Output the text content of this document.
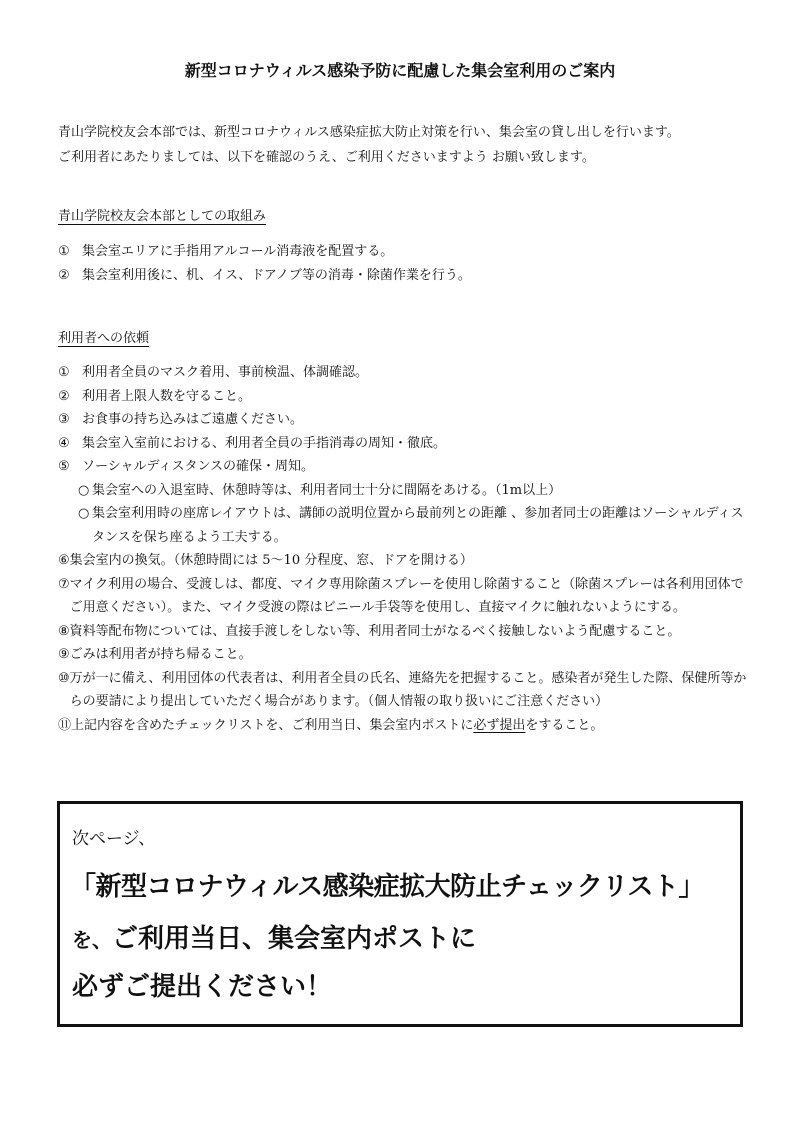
新型コロナウィルス感染予防に配慮した集会室利用のご案内

青山学院校友会本部では、新型コロナウィルス感染症拡大防止対策を行い、集会室の貸し出しを行います。

ご利用者にあたりましては、以下を確認のうえ、ご利用くださいますよう お願い致します。

青山学院校友会本部としての取組み
① 集会室エリアに手指用アルコール消毒液を配置する。
② 集会室利用後に、机、イス、ドアノブ等の消毒・除菌作業を行う。
利用者への依頼
① 利用者全員のマスク着用、事前検温、体調確認。
② 利用者上限人数を守ること。
③ お食事の持ち込みはご遠慮ください。
④ 集会室入室前における、利用者全員の手指消毒の周知・徹底。
⑤ ソーシャルディスタンスの確保・周知。
○ 集会室への入退室時、休憩時等は、利用者同士十分に間隔をあける。（1m以上）
○ 集会室利用時の座席レイアウトは、講師の説明位置から最前列との距離 、参加者同士の距離はソーシャルディスタンスを保ち座るよう工夫する。
⑥ 集会室内の換気。（休憩時間には 5～10 分程度、窓、ドアを開ける）
⑦ マイク利用の場合、受渡しは、都度、マイク専用除菌スプレーを使用し除菌すること（除菌スプレーは各利用団体でご用意ください）。また、マイク受渡の際はビニール手袋等を使用し、直接マイクに触れないようにする。
⑧ 資料等配布物については、直接手渡しをしない等、利用者同士がなるべく接触しないよう配慮すること。
⑨ ごみは利用者が持ち帰ること。
⑩ 万が一に備え、利用団体の代表者は、利用者全員の氏名、連絡先を把握すること。感染者が発生した際、保健所等からの要請により提出していただく場合があります。（個人情報の取り扱いにご注意ください）
⑪ 上記内容を含めたチェックリストを、ご利用当日、集会室内ポストに必ず提出をすること。
次ページ、
「新型コロナウィルス感染症拡大防止チェックリスト」
を、ご利用当日、集会室内ポストに
必ずご提出ください！
